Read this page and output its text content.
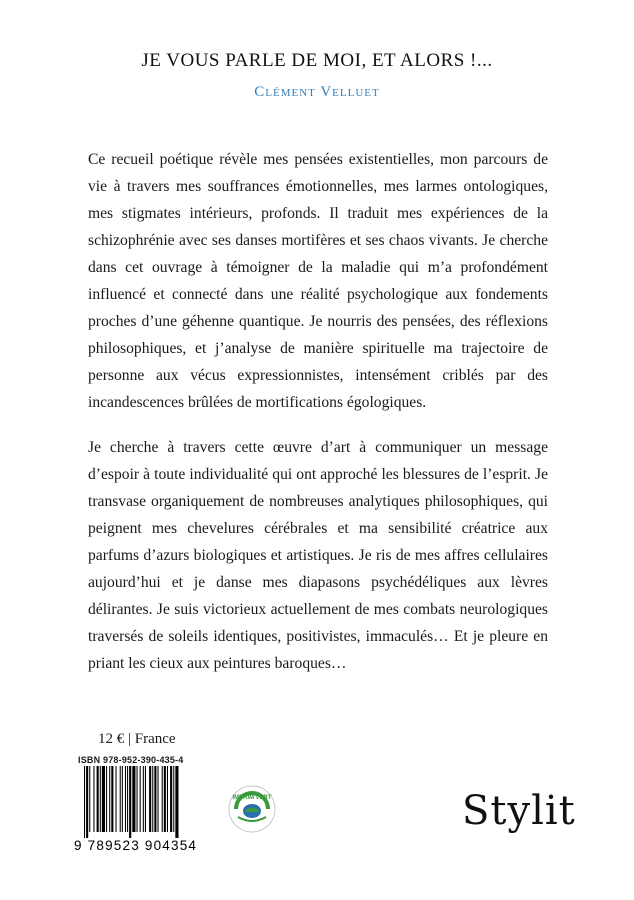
JE VOUS PARLE DE MOI, ET ALORS !...
Clément Velluet

Ce recueil poétique révèle mes pensées existentielles, mon parcours de vie à travers mes souffrances émotionnelles, mes larmes ontologiques, mes stigmates intérieurs, profonds. Il traduit mes expériences de la schizophrénie avec ses danses mortifères et ses chaos vivants. Je cherche dans cet ouvrage à témoigner de la maladie qui m’a profondément influencé et connecté dans une réalité psychologique aux fondements proches d’une géhenne quantique. Je nourris des pensées, des réflexions philosophiques, et j’analyse de manière spirituelle ma trajectoire de personne aux vécus expressionnistes, intensément criblés par des incandescences brûlées de mortifications égologiques.

Je cherche à travers cette œuvre d’art à communiquer un message d’espoir à toute individualité qui ont approché les blessures de l’esprit. Je transvase organiquement de nombreuses analytiques philosophiques, qui peignent mes chevelures cérébrales et ma sensibilité créatrice aux parfums d’azurs biologiques et artistiques. Je ris de mes affres cellulaires aujourd’hui et je danse mes diapasons psychédéliques aux lèvres délirantes. Je suis victorieux actuellement de mes combats neurologiques traversés de soleils identiques, positivistes, immaculés… Et je pleure en priant les cieux aux peintures baroques…

12 € | France
ISBN 978-952-390-435-4
9 789523 904354
IMPRIM'VERT	Stylit
